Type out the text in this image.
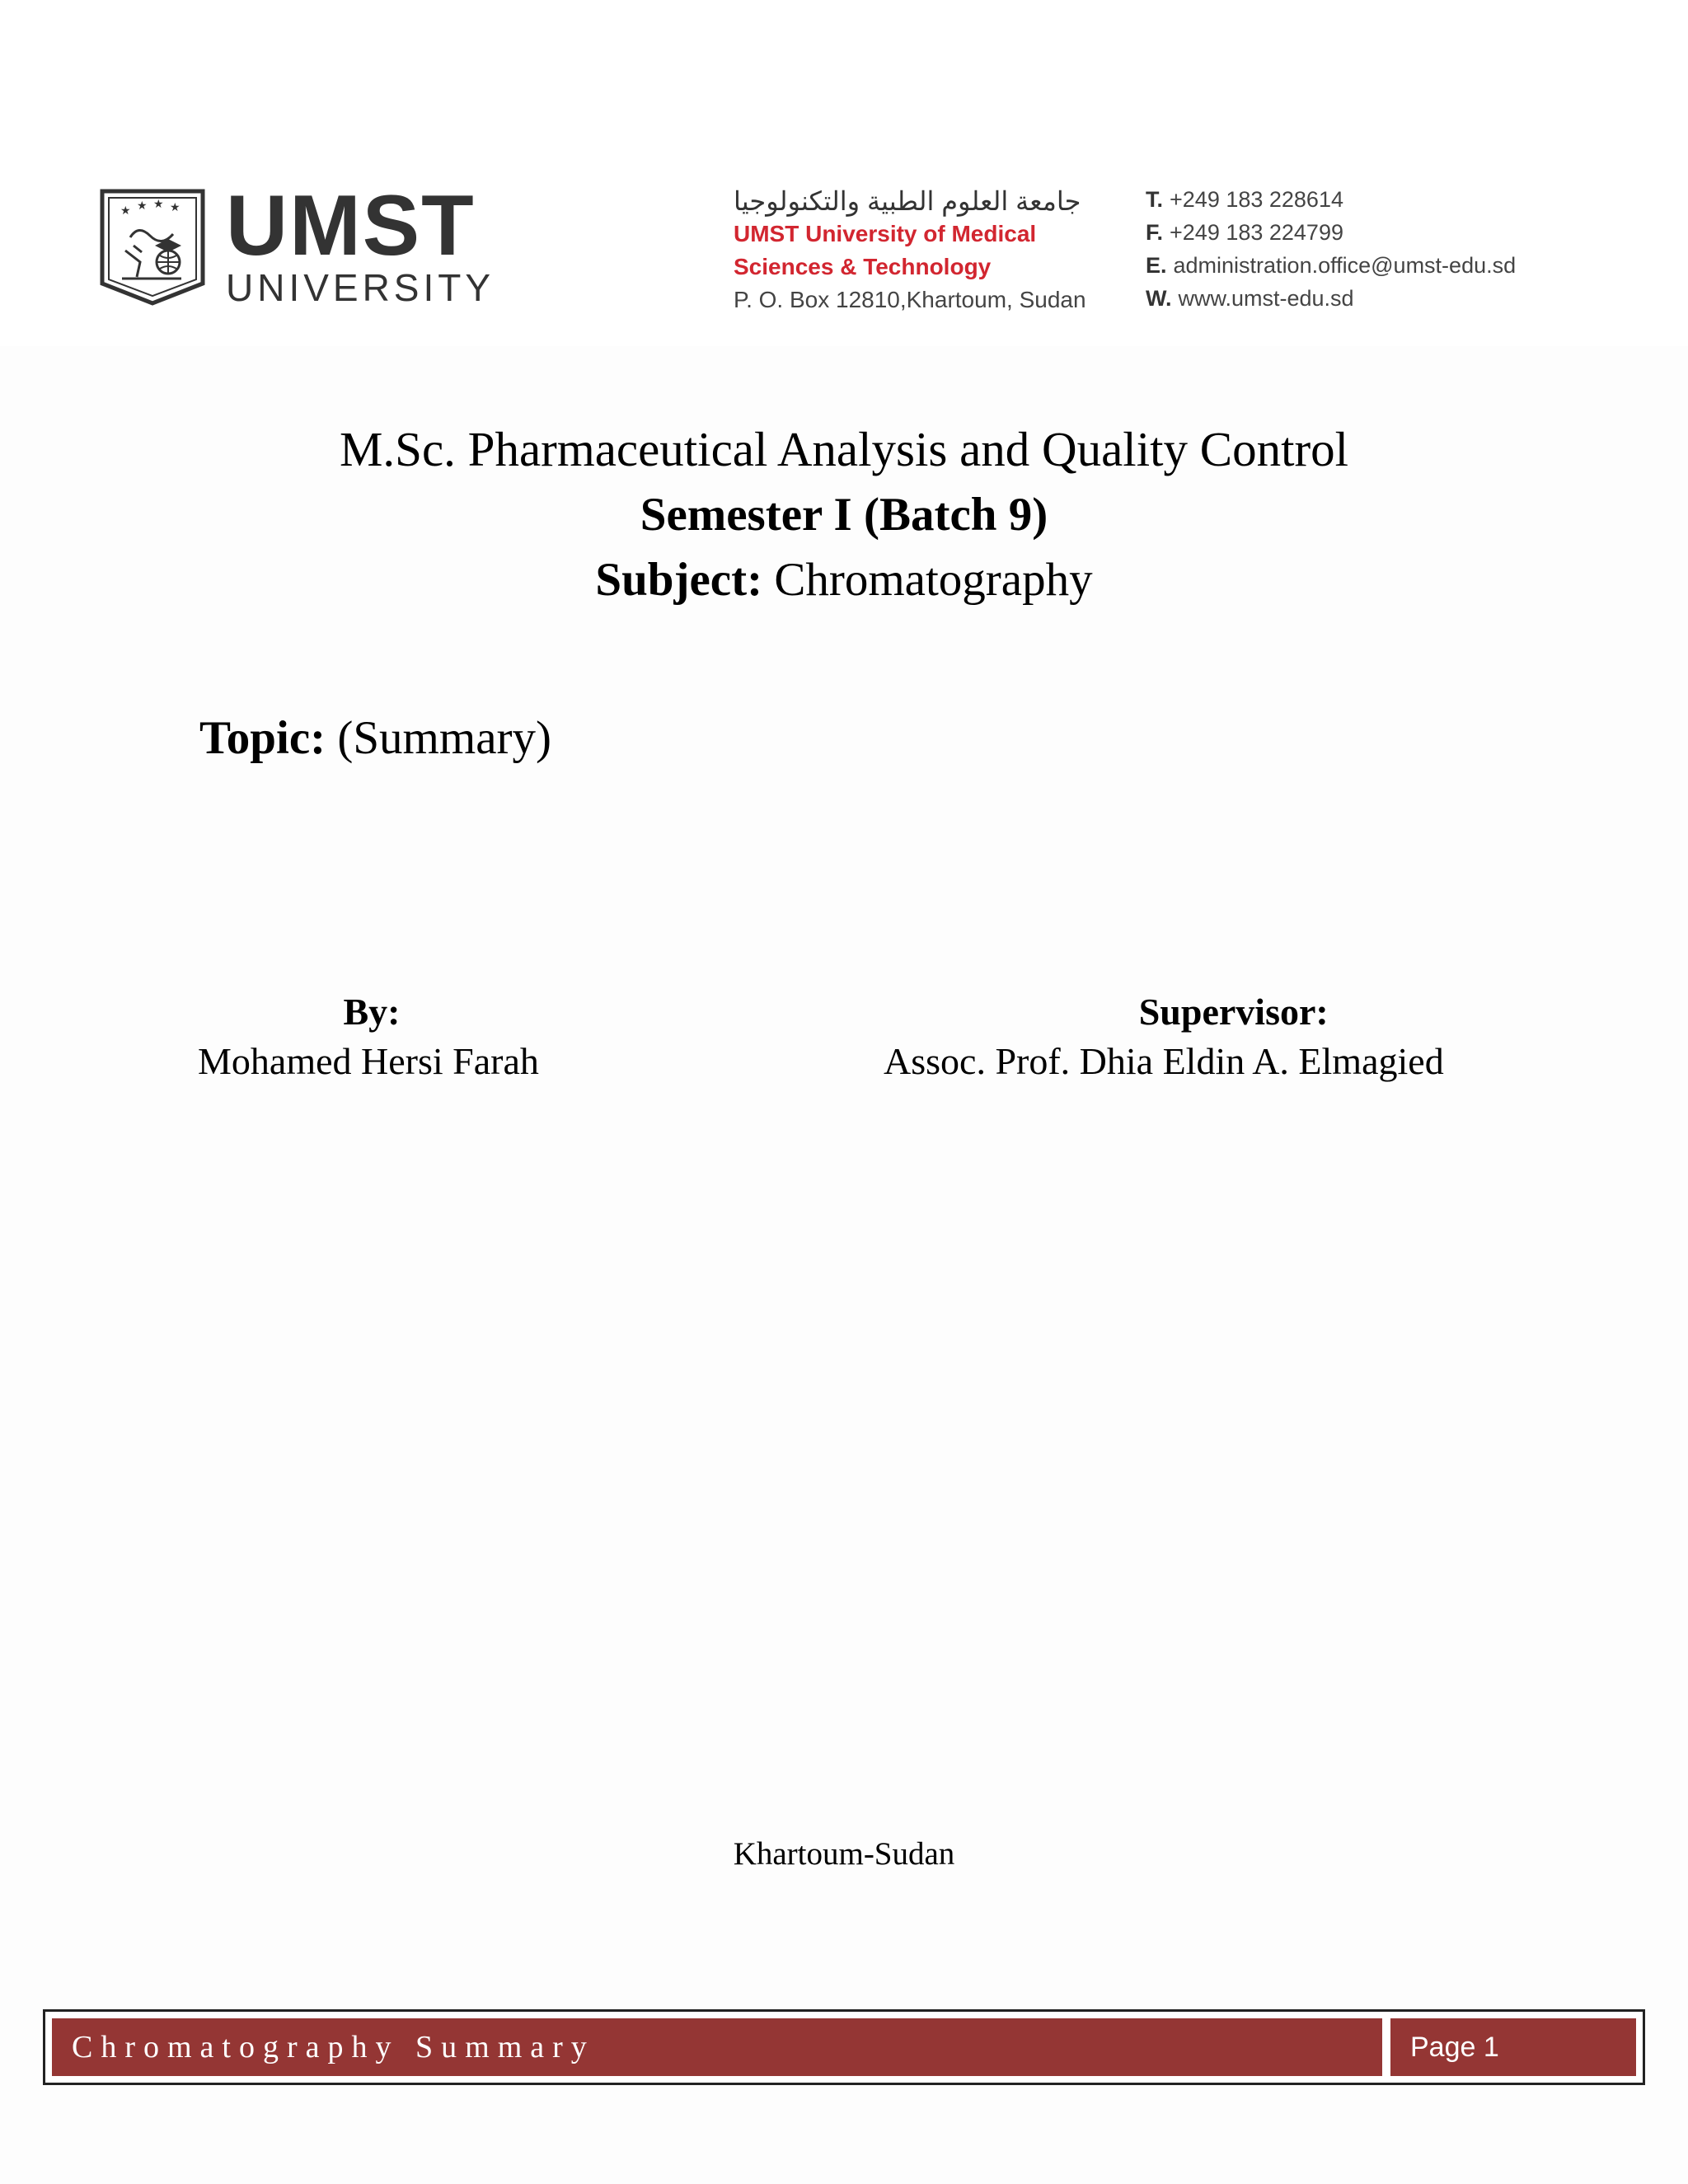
★ ★ ★ ★ UMST
UNIVERSITY
جامعة العلوم الطبية والتكنولوجيا
UMST University of Medical
Sciences & Technology
P. O. Box 12810,Khartoum, Sudan
T. +249 183 228614
F. +249 183 224799
E. administration.office@umst-edu.sd
W. www.umst-edu.sd
M.Sc. Pharmaceutical Analysis and Quality Control
Semester I (Batch 9)
Subject: Chromatography
Topic: (Summary)
By:
Mohamed Hersi Farah
Supervisor:
Assoc. Prof. Dhia Eldin A. Elmagied
Khartoum-Sudan
Chromatography Summary	Page 1
